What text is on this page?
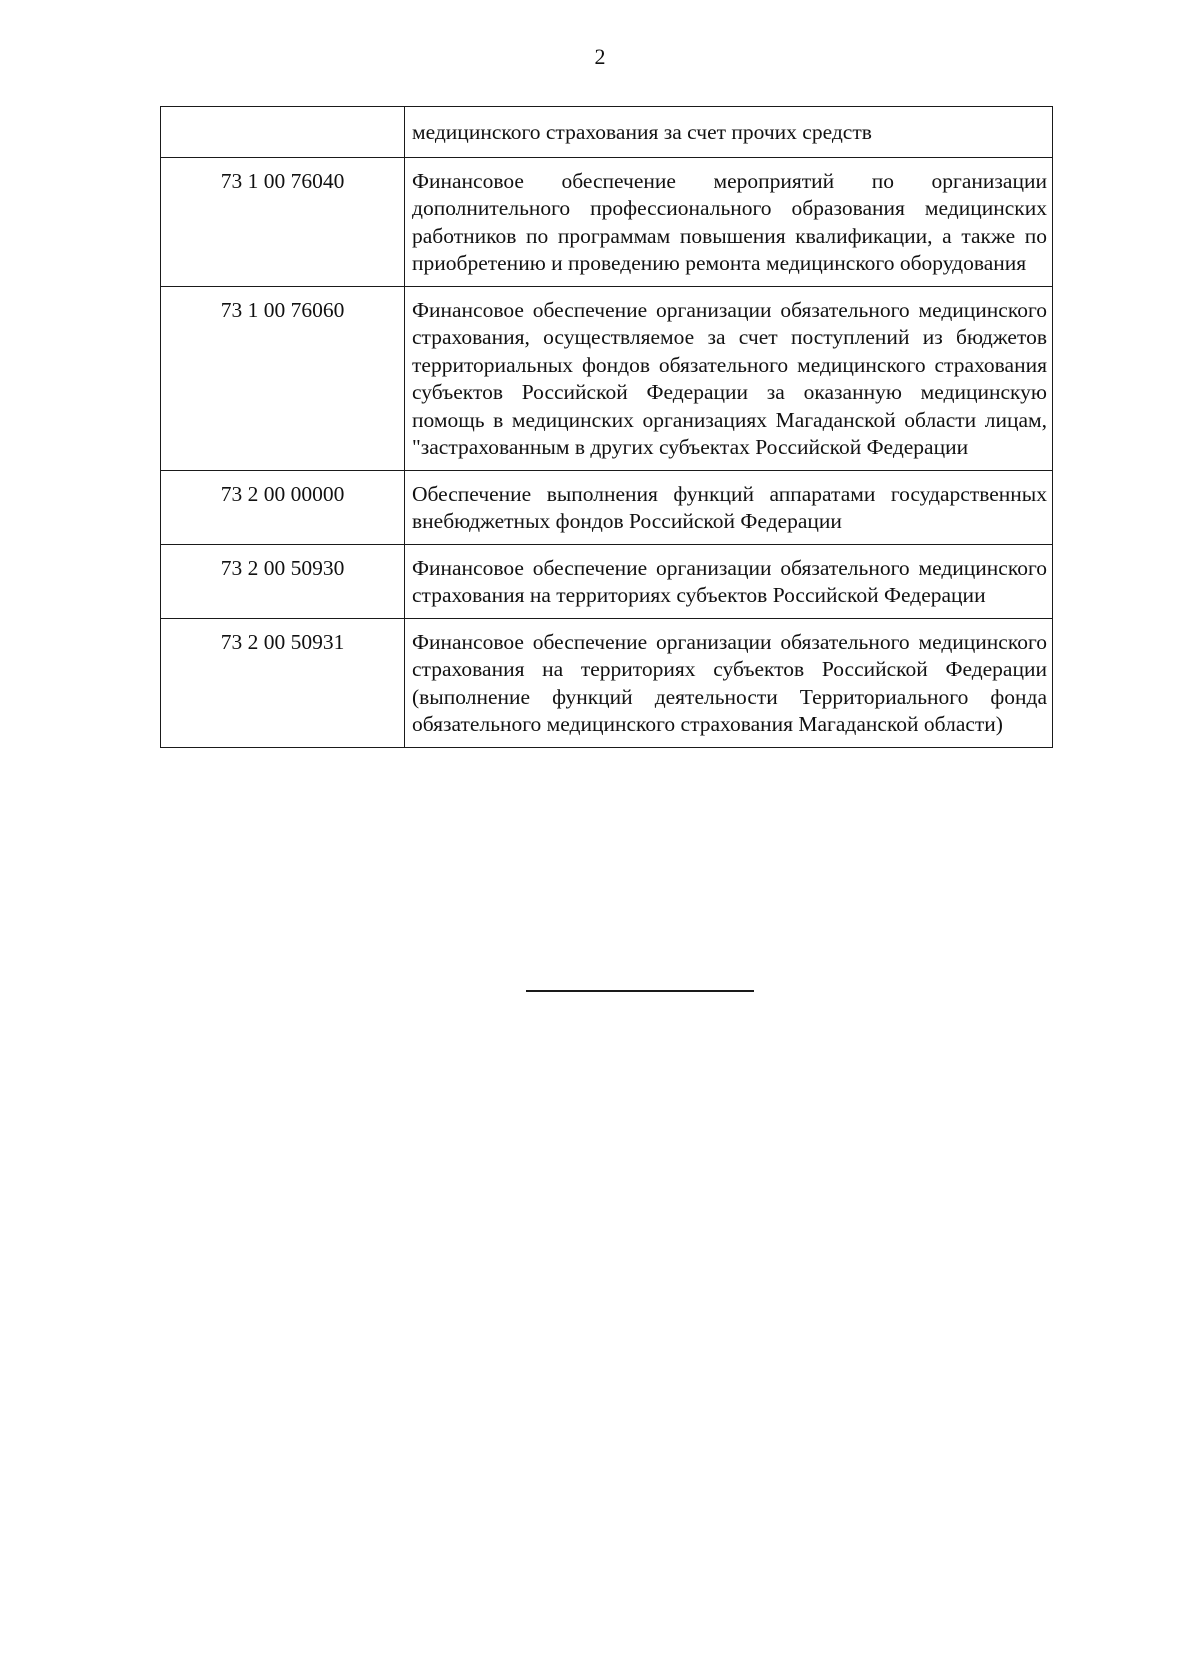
2
	медицинского страхования за счет прочих средств
73 1 00 76040	Финансовое обеспечение мероприятий по организации дополнительного профессионального образования медицинских работников по программам повышения квалификации, а также по приобретению и проведению ремонта медицинского оборудования
73 1 00 76060	Финансовое обеспечение организации обязательного медицинского страхования, осуществляемое за счет поступлений из бюджетов территориальных фондов обязательного медицинского страхования субъектов Российской Федерации за оказанную медицинскую помощь в медицинских организациях Магаданской области лицам, "застрахованным в других субъектах Российской Федерации
73 2 00 00000	Обеспечение выполнения функций аппаратами государственных внебюджетных фондов Российской Федерации
73 2 00 50930	Финансовое обеспечение организации обязательного медицинского страхования на территориях субъектов Российской Федерации
73 2 00 50931	Финансовое обеспечение организации обязательного медицинского страхования на территориях субъектов Российской Федерации (выполнение функций деятельности Территориального фонда обязательного медицинского страхования Магаданской области)
